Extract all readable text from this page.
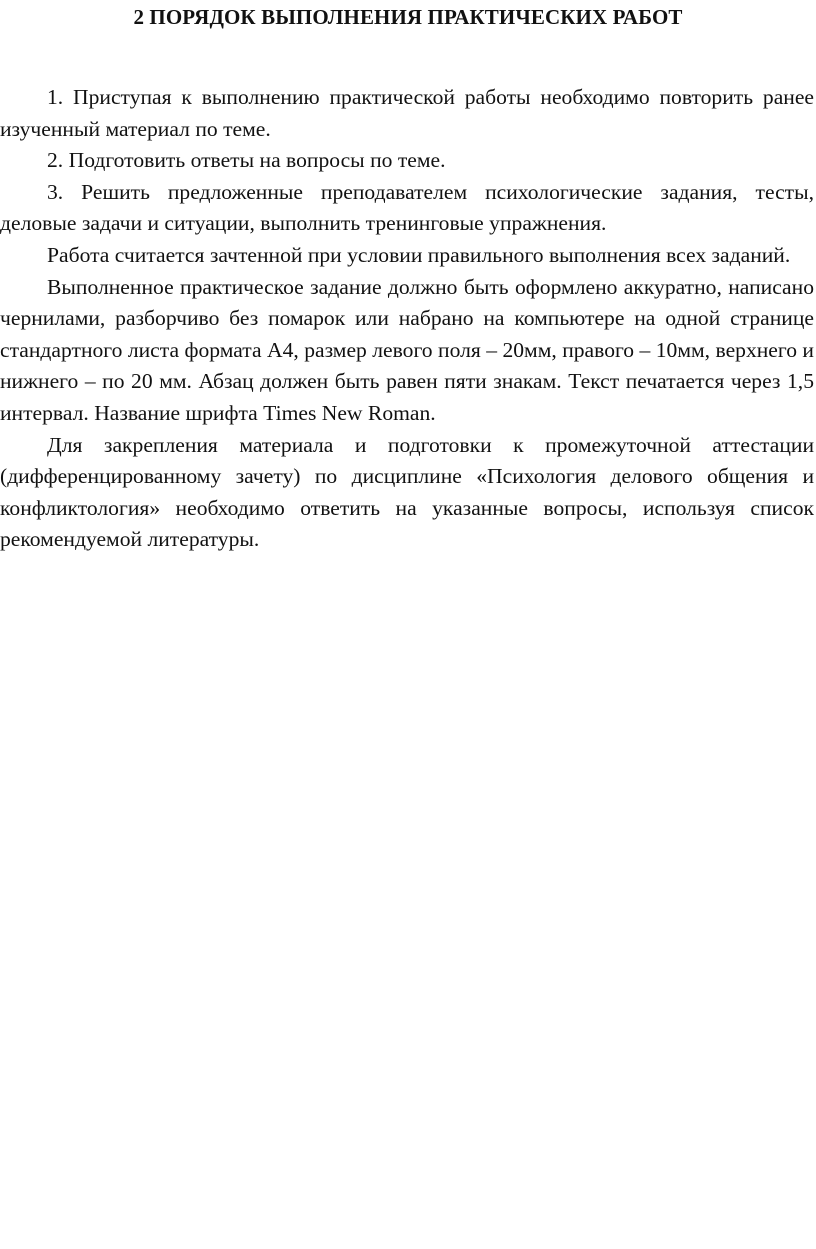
2 ПОРЯДОК ВЫПОЛНЕНИЯ ПРАКТИЧЕСКИХ РАБОТ

1. Приступая к выполнению практической работы необходимо повторить ранее изученный материал по теме.

2. Подготовить ответы на вопросы по теме.

3. Решить предложенные преподавателем психологические задания, тесты, деловые задачи и ситуации, выполнить тренинговые упражнения.

Работа считается зачтенной при условии правильного выполнения всех заданий.

Выполненное практическое задание должно быть оформлено аккуратно, написано чернилами, разборчиво без помарок или набрано на компьютере на одной странице стандартного листа формата А4, размер левого поля – 20мм, правого – 10мм, верхнего и нижнего – по 20 мм. Абзац должен быть равен пяти знакам. Текст печатается через 1,5 интервал. Название шрифта Times New Roman.

Для закрепления материала и подготовки к промежуточной аттестации (дифференцированному зачету) по дисциплине «Психология делового общения и конфликтология» необходимо ответить на указанные вопросы, используя список рекомендуемой литературы.
